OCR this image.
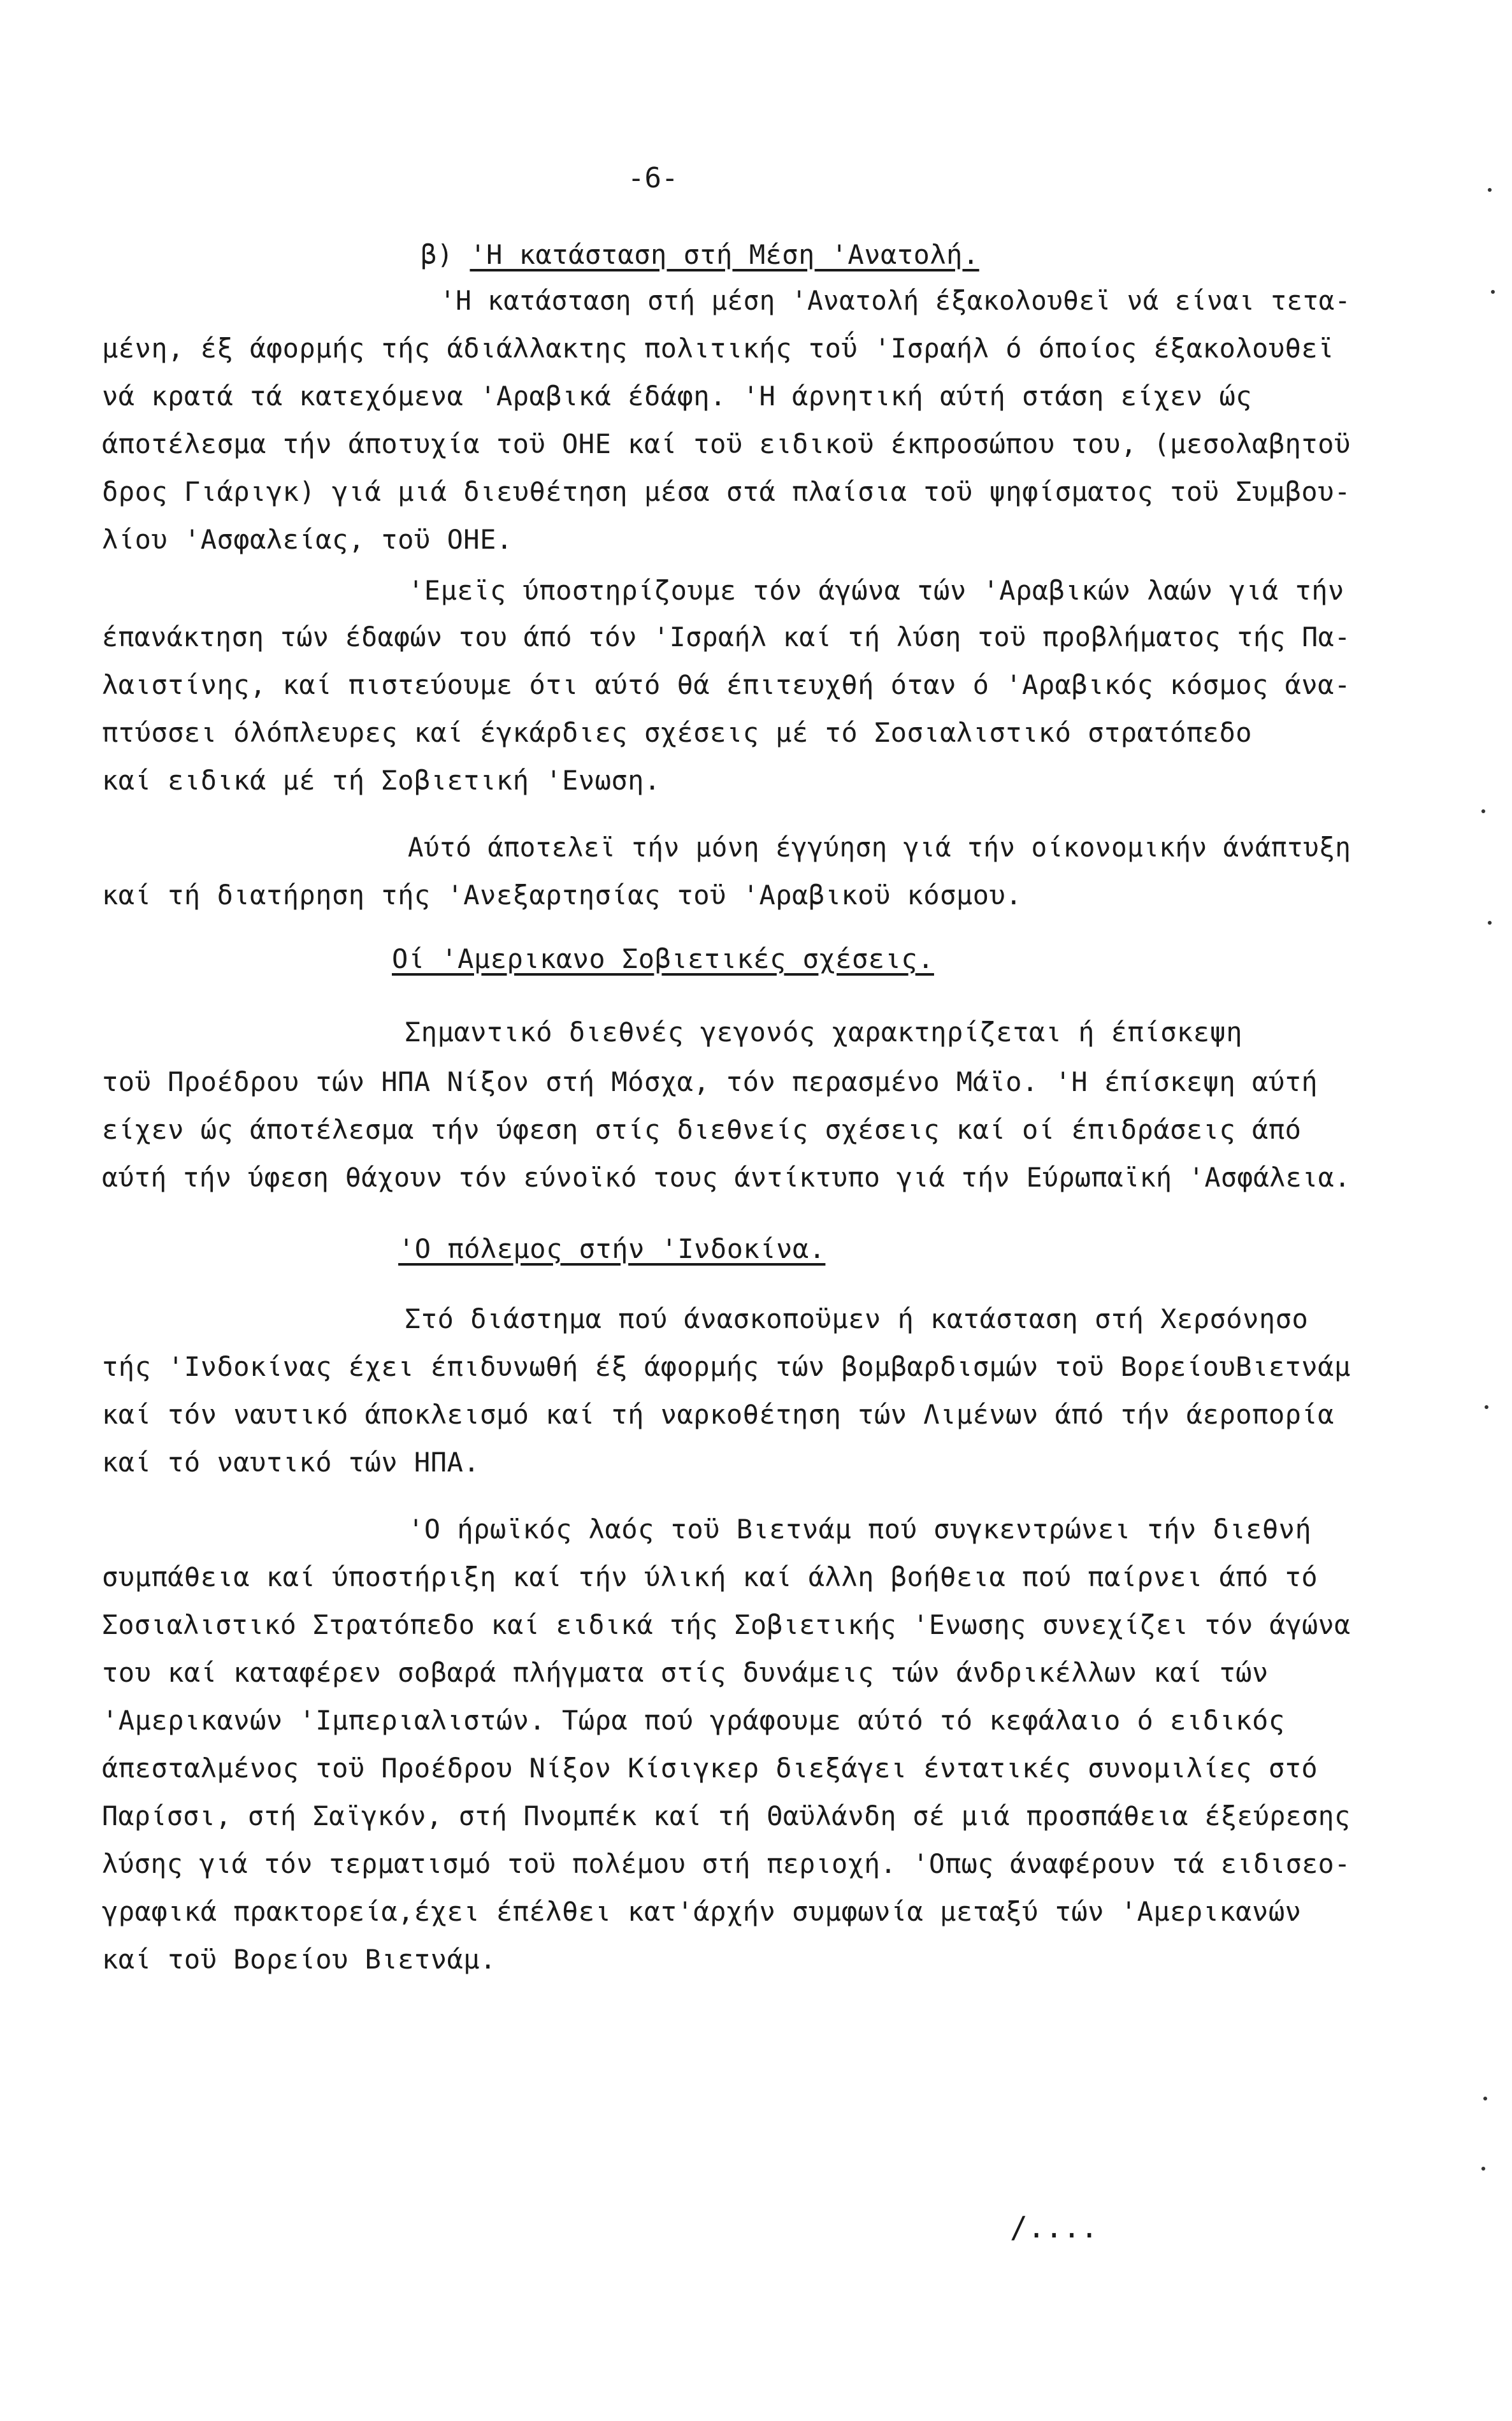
-6-
β) 'Η κατάσταση στή Μέση 'Ανατολή.
'Η κατάσταση στή μέση 'Ανατολή έξακολουθεϊ νά είναι τετα-
μένη, έξ άφορμής τής άδιάλλακτης πολιτικής τοΰ 'Ισραήλ ό όποίος έξακολουθεϊ
νά κρατά τά κατεχόμενα 'Αραβικά έδάφη. 'Η άρνητική αύτή στάση είχεν ώς
άποτέλεσμα τήν άποτυχία τοϋ ΟΗΕ καί τοϋ ειδικοϋ έκπροσώπου του, (μεσολαβητοϋ
δρος Γιάριγκ) γιά μιά διευθέτηση μέσα στά πλαίσια τοϋ ψηφίσματος τοϋ Συμβου-
λίου 'Ασφαλείας, τοϋ ΟΗΕ.
'Εμεϊς ύποστηρίζουμε τόν άγώνα τών 'Αραβικών λαών γιά τήν
έπανάκτηση τών έδαφών του άπό τόν 'Ισραήλ καί τή λύση τοϋ προβλήματος τής Πα-
λαιστίνης, καί πιστεύουμε ότι αύτό θά έπιτευχθή όταν ό 'Αραβικός κόσμος άνα-
πτύσσει όλόπλευρες καί έγκάρδιες σχέσεις μέ τό Σοσιαλιστικό στρατόπεδο
καί ειδικά μέ τή Σοβιετική 'Ενωση.
Αύτό άποτελεϊ τήν μόνη έγγύηση γιά τήν οίκονομικήν άνάπτυξη
καί τή διατήρηση τής 'Ανεξαρτησίας τοϋ 'Αραβικοϋ κόσμου.
Οί 'Αμερικανο Σοβιετικές σχέσεις.
Σημαντικό διεθνές γεγονός χαρακτηρίζεται ή έπίσκεψη
τοϋ Προέδρου τών ΗΠΑ Νίξον στή Μόσχα, τόν περασμένο Μάϊο. 'Η έπίσκεψη αύτή
είχεν ώς άποτέλεσμα τήν ύφεση στίς διεθνείς σχέσεις καί οί έπιδράσεις άπό
αύτή τήν ύφεση θάχουν τόν εύνοϊκό τους άντίκτυπο γιά τήν Εύρωπαϊκή 'Ασφάλεια.
'Ο πόλεμος στήν 'Ινδοκίνα.
Στό διάστημα πού άνασκοποϋμεν ή κατάσταση στή Χερσόνησο
τής 'Ινδοκίνας έχει έπιδυνωθή έξ άφορμής τών βομβαρδισμών τοϋ ΒορείουΒιετνάμ
καί τόν ναυτικό άποκλεισμό καί τή ναρκοθέτηση τών Λιμένων άπό τήν άεροπορία
καί τό ναυτικό τών ΗΠΑ.
'Ο ήρωϊκός λαός τοϋ Βιετνάμ πού συγκεντρώνει τήν διεθνή
συμπάθεια καί ύποστήριξη καί τήν ύλική καί άλλη βοήθεια πού παίρνει άπό τό
Σοσιαλιστικό Στρατόπεδο καί ειδικά τής Σοβιετικής 'Ενωσης συνεχίζει τόν άγώνα
του καί καταφέρεν σοβαρά πλήγματα στίς δυνάμεις τών άνδρικέλλων καί τών
'Αμερικανών 'Ιμπεριαλιστών. Τώρα πού γράφουμε αύτό τό κεφάλαιο ό ειδικός
άπεσταλμένος τοϋ Προέδρου Νίξον Κίσιγκερ διεξάγει έντατικές συνομιλίες στό
Παρίσσι, στή Σαϊγκόν, στή Πνομπέκ καί τή Θαϋλάνδη σέ μιά προσπάθεια έξεύρεσης
λύσης γιά τόν τερματισμό τοϋ πολέμου στή περιοχή. 'Οπως άναφέρουν τά ειδισεο-
γραφικά πρακτορεία,έχει έπέλθει κατ'άρχήν συμφωνία μεταξύ τών 'Αμερικανών
καί τοϋ Βορείου Βιετνάμ.
/....
